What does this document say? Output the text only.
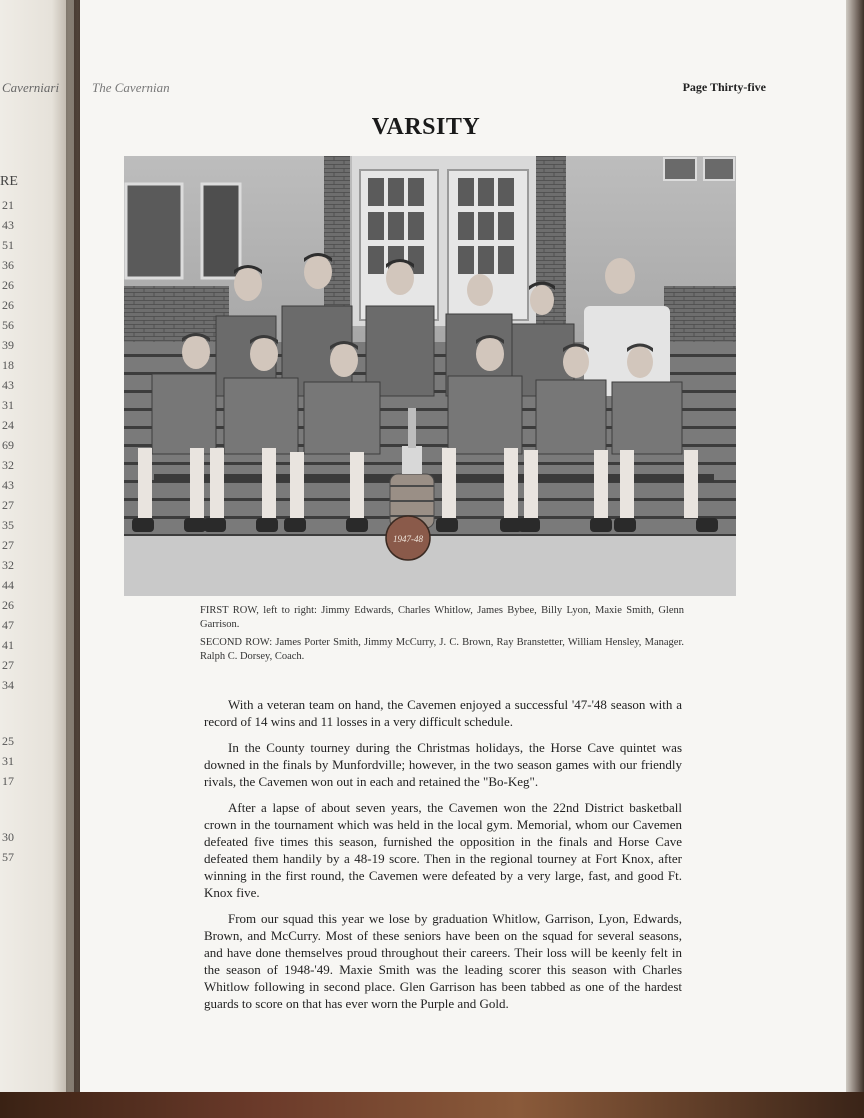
Caverniari
RE
21
43
51
36
26
26
56
39
18
43
31
24
69
32
43
27
35
27
32
44
26
47
41
27
34
25
31
17
30
57
The Cavernian	Page Thirty-five
VARSITY
1947-48

FIRST ROW, left to right: Jimmy Edwards, Charles Whitlow, James Bybee, Billy Lyon, Maxie Smith, Glenn Garrison.

SECOND ROW: James Porter Smith, Jimmy McCurry, J. C. Brown, Ray Branstetter, William Hensley, Manager. Ralph C. Dorsey, Coach.

With a veteran team on hand, the Cavemen enjoyed a successful '47-'48 season with a record of 14 wins and 11 losses in a very difficult schedule.

In the County tourney during the Christmas holidays, the Horse Cave quintet was downed in the finals by Munfordville; however, in the two season games with our friendly rivals, the Cavemen won out in each and retained the "Bo-Keg".

After a lapse of about seven years, the Cavemen won the 22nd District basketball crown in the tournament which was held in the local gym. Memorial, whom our Cavemen defeated five times this season, furnished the opposition in the finals and Horse Cave defeated them handily by a 48-19 score. Then in the regional tourney at Fort Knox, after winning in the first round, the Cavemen were defeated by a very large, fast, and good Ft. Knox five.

From our squad this year we lose by graduation Whitlow, Garrison, Lyon, Edwards, Brown, and McCurry. Most of these seniors have been on the squad for several seasons, and have done themselves proud throughout their careers. Their loss will be keenly felt in the season of 1948-'49. Maxie Smith was the leading scorer this season with Charles Whitlow following in second place. Glen Garrison has been tabbed as one of the hardest guards to score on that has ever worn the Purple and Gold.
